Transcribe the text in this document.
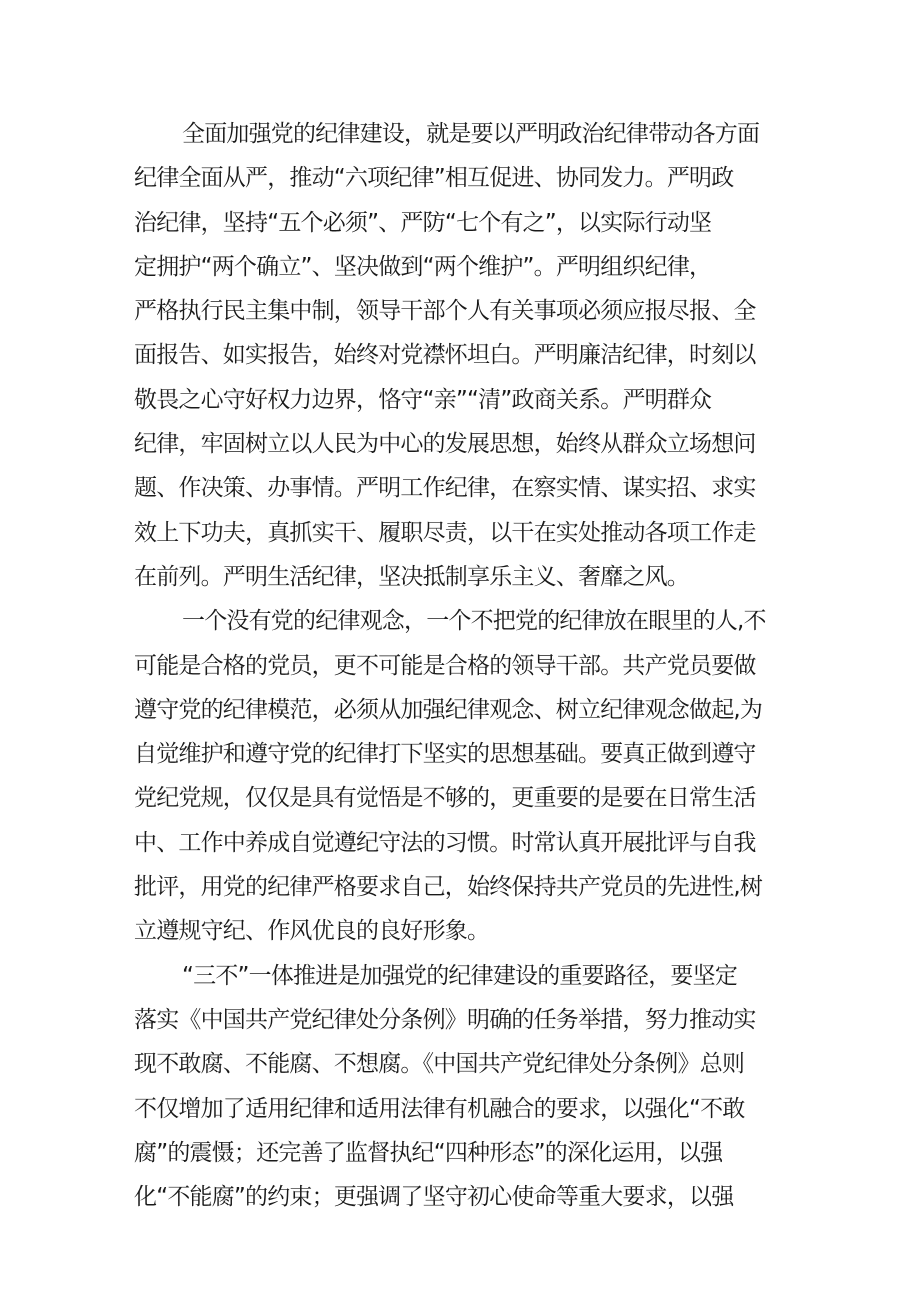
全面加强党的纪律建设，就是要以严明政治纪律带动各方面
纪律全面从严，推动“六项纪律”相互促进、协同发力。严明政
治纪律，坚持“五个必须”、严防“七个有之”，以实际行动坚
定拥护“两个确立”、坚决做到“两个维护”。严明组织纪律，
严格执行民主集中制，领导干部个人有关事项必须应报尽报、全
面报告、如实报告，始终对党襟怀坦白。严明廉洁纪律，时刻以
敬畏之心守好权力边界，恪守“亲”“清”政商关系。严明群众
纪律，牢固树立以人民为中心的发展思想，始终从群众立场想问
题、作决策、办事情。严明工作纪律，在察实情、谋实招、求实
效上下功夫，真抓实干、履职尽责，以干在实处推动各项工作走
在前列。严明生活纪律，坚决抵制享乐主义、奢靡之风。
一个没有党的纪律观念，一个不把党的纪律放在眼里的人,不
可能是合格的党员，更不可能是合格的领导干部。共产党员要做
遵守党的纪律模范，必须从加强纪律观念、树立纪律观念做起,为
自觉维护和遵守党的纪律打下坚实的思想基础。要真正做到遵守
党纪党规，仅仅是具有觉悟是不够的，更重要的是要在日常生活
中、工作中养成自觉遵纪守法的习惯。时常认真开展批评与自我
批评，用党的纪律严格要求自己，始终保持共产党员的先进性,树
立遵规守纪、作风优良的良好形象。
“三不”一体推进是加强党的纪律建设的重要路径，要坚定
落实《中国共产党纪律处分条例》明确的任务举措，努力推动实
现不敢腐、不能腐、不想腐。《中国共产党纪律处分条例》总则
不仅增加了适用纪律和适用法律有机融合的要求，以强化“不敢
腐”的震慑；还完善了监督执纪“四种形态”的深化运用，以强
化“不能腐”的约束；更强调了坚守初心使命等重大要求，以强
